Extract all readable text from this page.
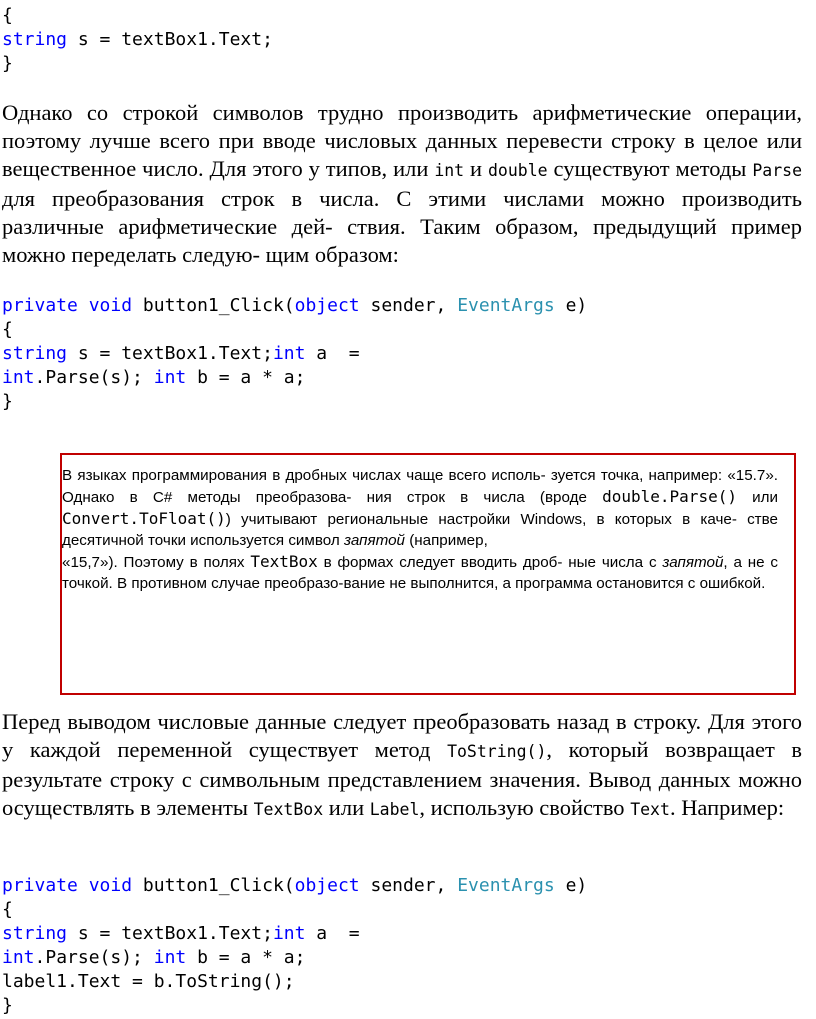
{
string s = textBox1.Text;
}

Однако со строкой символов трудно производить арифметические операции, поэтому лучше всего при вводе числовых данных перевести строку в целое или вещественное число. Для этого у типов, или int и double существуют методы Parse для преобразования строк в числа. С этими числами можно производить различные арифметические дей- ствия. Таким образом, предыдущий пример можно переделать следую- щим образом:

private void button1_Click(object sender, EventArgs e)
{
string s = textBox1.Text;int a  =
int.Parse(s); int b = a * a;
}

В языках программирования в дробных числах чаще всего исполь- зуется точка, например: «15.7». Однако в C# методы преобразова- ния строк в числа (вроде double.Parse() или Convert.ToFloat()) учитывают региональные настройки Windows, в которых в каче- стве десятичной точки используется символ запятой (например,
«15,7»). Поэтому в полях TextBox в формах следует вводить дроб- ные числа с запятой, а не с точкой. В противном случае преобразо-вание не выполнится, а программа остановится с ошибкой.

Перед выводом числовые данные следует преобразовать назад в строку. Для этого у каждой переменной существует метод ToString(), который возвращает в результате строку с символьным представлением значения. Вывод данных можно осуществлять в элементы TextBox или Label, использую свойство Text. Например:

private void button1_Click(object sender, EventArgs e)
{
string s = textBox1.Text;int a  =
int.Parse(s); int b = a * a;
label1.Text = b.ToString();
}
